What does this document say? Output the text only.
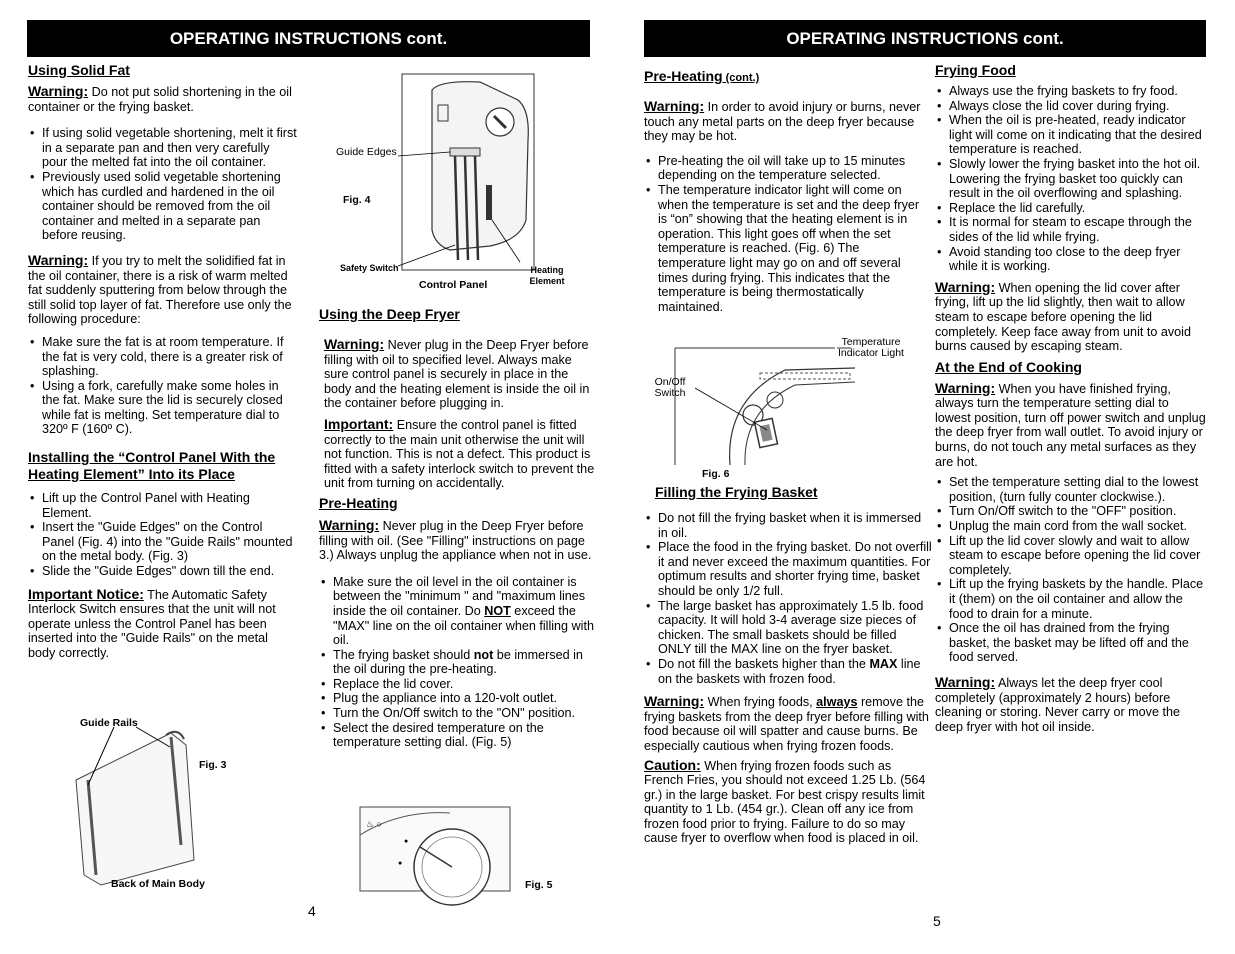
OPERATING INSTRUCTIONS cont.
Using Solid Fat

Warning: Do not put solid shortening in the oil container or the frying basket.

• If using solid vegetable shortening, melt it first in a separate pan and then very carefully pour the melted fat into the oil container.
• Previously used solid vegetable shortening which has curdled and hardened in the oil container should be removed from the oil container and melted in a separate pan before reusing.

Warning: If you try to melt the solidified fat in the oil container, there is a risk of warm melted fat suddenly sputtering from below through the still solid top layer of fat. Therefore use only the following procedure:

• Make sure the fat is at room temperature. If the fat is very cold, there is a greater risk of splashing.
• Using a fork, carefully make some holes in the fat. Make sure the lid is securely closed while fat is melting. Set temperature dial to 320º F (160º C).
Installing the “Control Panel With the Heating Element” Into its Place
• Lift up the Control Panel with Heating Element.
• Insert the "Guide Edges" on the Control Panel (Fig. 4) into the "Guide Rails" mounted on the metal body. (Fig. 3)
• Slide the "Guide Edges" down till the end.

Important Notice: The Automatic Safety Interlock Switch ensures that the unit will not operate unless the Control Panel has been inserted into the "Guide Rails" on the metal body correctly.

Guide Edges
Fig. 4
Safety Switch	Heating Element
Control Panel
Using the Deep Fryer

Warning: Never plug in the Deep Fryer before filling with oil to specified level. Always make sure control panel is securely in place in the body and the heating element is inside the oil in the container before plugging in.

Important: Ensure the control panel is fitted correctly to the main unit otherwise the unit will not function. This is not a defect. This product is fitted with a safety interlock switch to prevent the unit from turning on accidentally.

Pre-Heating

Warning: Never plug in the Deep Fryer before filling with oil. (See "Filling" instructions on page 3.) Always unplug the appliance when not in use.

• Make sure the oil level in the oil container is between the "minimum " and "maximum lines inside the oil container. Do NOT exceed the "MAX" line on the oil container when filling with oil.
• The frying basket should not be immersed in the oil during the pre-heating.
• Replace the lid cover.
• Plug the appliance into a 120-volt outlet.
• Turn the On/Off switch to the "ON" position.
• Select the desired temperature on the temperature setting dial. (Fig. 5)
Guide Rails
Fig. 3
Back of Main Body
♨ ○
●
●
Fig. 5
4
OPERATING INSTRUCTIONS cont.
Pre-Heating (cont.)

Warning: In order to avoid injury or burns, never touch any metal parts on the deep fryer because they may be hot.

• Pre-heating the oil will take up to 15 minutes depending on the temperature selected.
• The temperature indicator light will come on when the temperature is set and the deep fryer is “on” showing that the heating element is in operation. This light goes off when the set temperature is reached. (Fig. 6) The temperature light may go on and off several times during frying. This indicates that the temperature is being thermostatically maintained.
Temperature Indicator Light
On/Off Switch
Fig. 6
Filling the Frying Basket
• Do not fill the frying basket when it is immersed in oil.
• Place the food in the frying basket. Do not overfill it and never exceed the maximum quantities. For optimum results and shorter frying time, basket should be only 1/2 full.
• The large basket has approximately 1.5 lb. food capacity. It will hold 3-4 average size pieces of chicken. The small baskets should be filled ONLY till the MAX line on the fryer basket.
• Do not fill the baskets higher than the MAX line on the baskets with frozen food.

Warning: When frying foods, always remove the frying baskets from the deep fryer before filling with food because oil will spatter and cause burns. Be especially cautious when frying frozen foods.

Caution: When frying frozen foods such as French Fries, you should not exceed 1.25 Lb. (564 gr.) in the large basket. For best crispy results limit quantity to 1 Lb. (454 gr.). Clean off any ice from frozen food prior to frying. Failure to do so may cause fryer to overflow when food is placed in oil.

Frying Food
• Always use the frying baskets to fry food.
• Always close the lid cover during frying.
• When the oil is pre-heated, ready indicator light will come on it indicating that the desired temperature is reached.
• Slowly lower the frying basket into the hot oil. Lowering the frying basket too quickly can result in the oil overflowing and splashing.
• Replace the lid carefully.
• It is normal for steam to escape through the sides of the lid while frying.
• Avoid standing too close to the deep fryer while it is working.

Warning: When opening the lid cover after frying, lift up the lid slightly, then wait to allow steam to escape before opening the lid completely. Keep face away from unit to avoid burns caused by escaping steam.

At the End of Cooking

Warning: When you have finished frying, always turn the temperature setting dial to lowest position, turn off power switch and unplug the deep fryer from wall outlet. To avoid injury or burns, do not touch any metal surfaces as they are hot.

• Set the temperature setting dial to the lowest position, (turn fully counter clockwise.).
• Turn On/Off switch to the "OFF" position.
• Unplug the main cord from the wall socket.
• Lift up the lid cover slowly and wait to allow steam to escape before opening the lid cover completely.
• Lift up the frying baskets by the handle. Place it (them) on the oil container and allow the food to drain for a minute.
• Once the oil has drained from the frying basket, the basket may be lifted off and the food served.

Warning: Always let the deep fryer cool completely (approximately 2 hours) before cleaning or storing. Never carry or move the deep fryer with hot oil inside.

5
